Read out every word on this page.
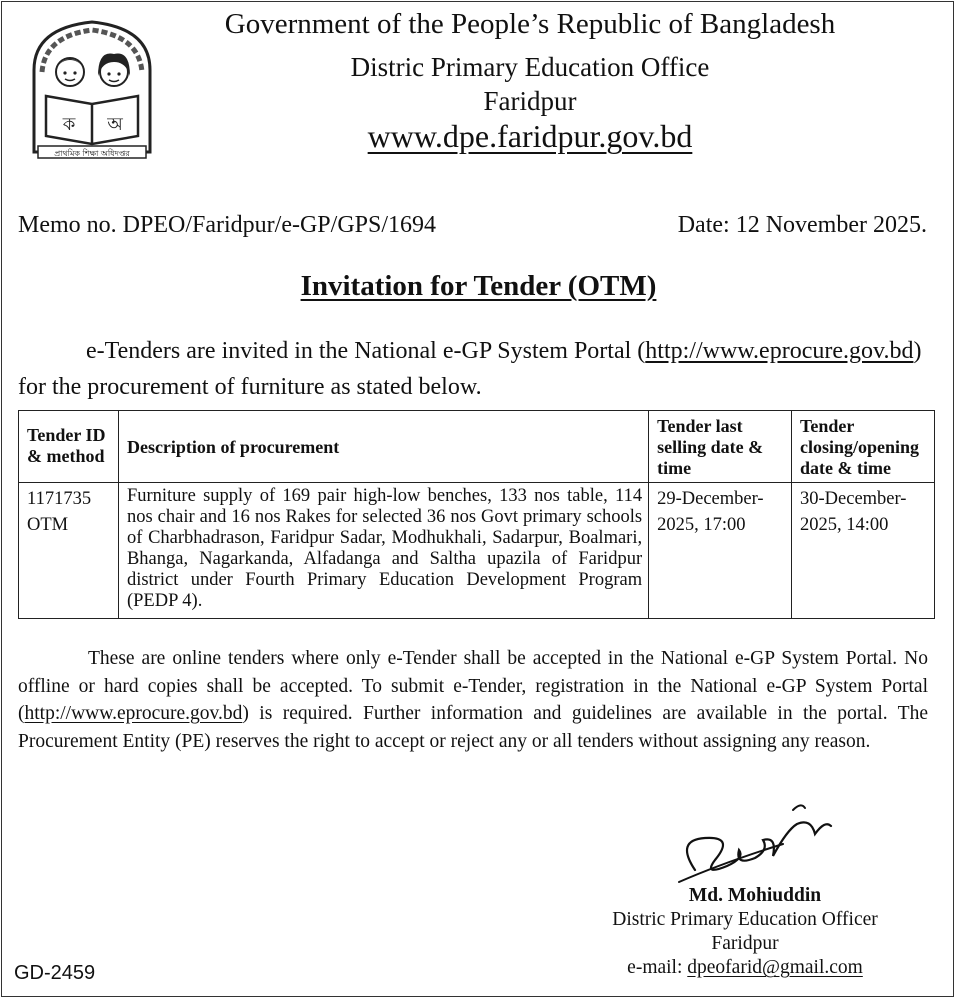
ক অ
প্রাথমিক শিক্ষা অধিদপ্তর
Government of the People’s Republic of Bangladesh
Distric Primary Education Office
Faridpur
www.dpe.faridpur.gov.bd
Memo no. DPEO/Faridpur/e-GP/GPS/1694	Date: 12 November 2025.
Invitation for Tender (OTM)
e-Tenders are invited in the National e-GP System Portal (http://www.eprocure.gov.bd)
for the procurement of furniture as stated below.
Tender ID
& method	Description of procurement	Tender last
selling date &
time	Tender
closing/opening
date & time

1171735
OTM	Furniture supply of 169 pair high-low benches, 133 nos table, 114 nos chair and 16 nos Rakes for selected 36 nos Govt primary schools of Charbhadrason, Faridpur Sadar, Modhukhali, Sadarpur, Boalmari, Bhanga, Nagarkanda, Alfadanga and Saltha upazila of Faridpur district under Fourth Primary Education Development Program (PEDP 4).	29-December-
2025, 17:00	30-December-
2025, 14:00
These are online tenders where only e-Tender shall be accepted in the National e-GP System Portal. No offline or hard copies shall be accepted. To submit e-Tender, registration in the National e-GP System Portal (http://www.eprocure.gov.bd) is required. Further information and guidelines are available in the portal. The Procurement Entity (PE) reserves the right to accept or reject any or all tenders without assigning any reason.
Md. Mohiuddin
Distric Primary Education Officer
Faridpur
e-mail: dpeofarid@gmail.com
GD-2459
